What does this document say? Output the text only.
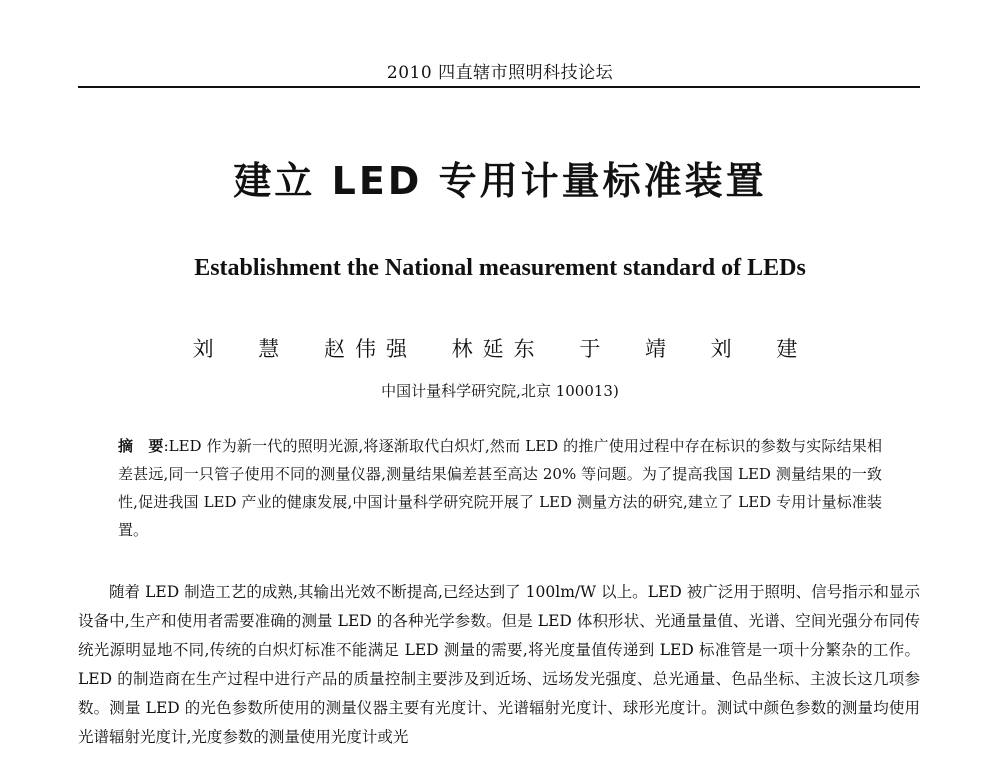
2010 四直辖市照明科技论坛
建立 LED 专用计量标准装置
Establishment the National measurement standard of LEDs
刘 慧 赵伟强 林延东 于 靖 刘 建
中国计量科学研究院,北京 100013)
摘　要:LED 作为新一代的照明光源,将逐渐取代白炽灯,然而 LED 的推广使用过程中存在标识的参数与实际结果相差甚远,同一只管子使用不同的测量仪器,测量结果偏差甚至高达 20% 等问题。为了提高我国 LED 测量结果的一致性,促进我国 LED 产业的健康发展,中国计量科学研究院开展了 LED 测量方法的研究,建立了 LED 专用计量标准装置。
随着 LED 制造工艺的成熟,其输出光效不断提高,已经达到了 100lm/W 以上。LED 被广泛用于照明、信号指示和显示设备中,生产和使用者需要准确的测量 LED 的各种光学参数。但是 LED 体积形状、光通量量值、光谱、空间光强分布同传统光源明显地不同,传统的白炽灯标准不能满足 LED 测量的需要,将光度量值传递到 LED 标准管是一项十分繁杂的工作。LED 的制造商在生产过程中进行产品的质量控制主要涉及到近场、远场发光强度、总光通量、色品坐标、主波长这几项参数。测量 LED 的光色参数所使用的测量仪器主要有光度计、光谱辐射光度计、球形光度计。测试中颜色参数的测量均使用光谱辐射光度计,光度参数的测量使用光度计或光
